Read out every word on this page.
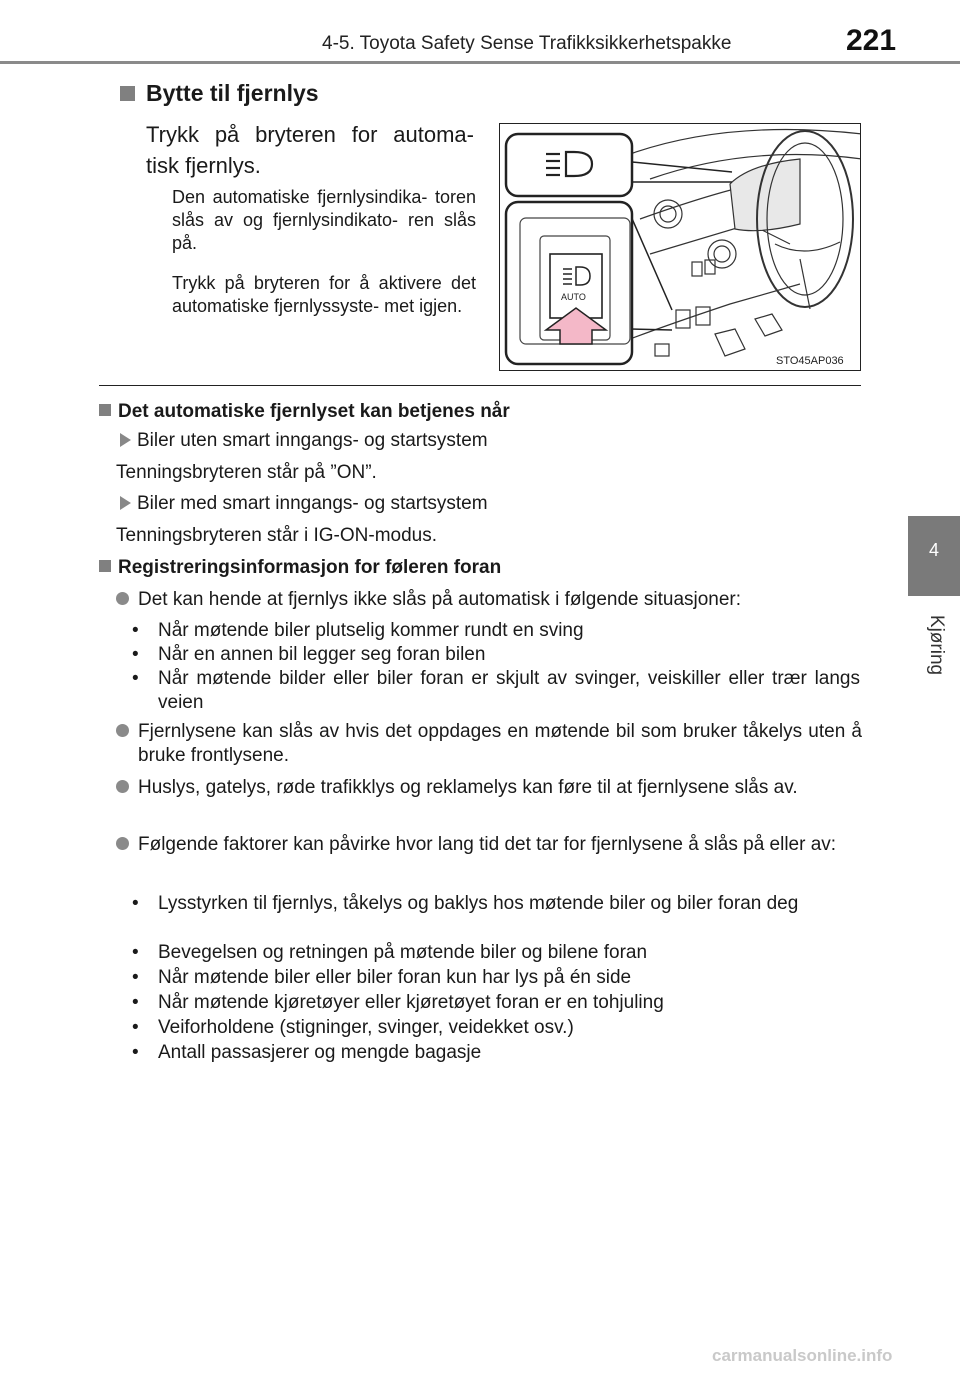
4-5. Toyota Safety Sense Trafikksikkerhetspakke	221
4
Kjøring
Bytte til fjernlys
Trykk på bryteren for automa- tisk fjernlys.
Den automatiske fjernlysindika- toren slås av og fjernlysindikato- ren slås på.
Trykk på bryteren for å aktivere det automatiske fjernlyssyste- met igjen.	AUTO
STO45AP036
Det automatiske fjernlyset kan betjenes når
Biler uten smart inngangs- og startsystem
Tenningsbryteren står på ”ON”.
Biler med smart inngangs- og startsystem
Tenningsbryteren står i IG-ON-modus.
Registreringsinformasjon for føleren foran
Det kan hende at fjernlys ikke slås på automatisk i følgende situasjoner:
•	Når møtende biler plutselig kommer rundt en sving
•	Når en annen bil legger seg foran bilen
•	Når møtende bilder eller biler foran er skjult av svinger, veiskiller eller trær langs veien
Fjernlysene kan slås av hvis det oppdages en møtende bil som bruker tåkelys uten å bruke frontlysene.
Huslys, gatelys, røde trafikklys og reklamelys kan føre til at fjernlysene slås av.
Følgende faktorer kan påvirke hvor lang tid det tar for fjernlysene å slås på eller av:
•	Lysstyrken til fjernlys, tåkelys og baklys hos møtende biler og biler foran deg
•	Bevegelsen og retningen på møtende biler og bilene foran
•	Når møtende biler eller biler foran kun har lys på én side
•	Når møtende kjøretøyer eller kjøretøyet foran er en tohjuling
•	Veiforholdene (stigninger, svinger, veidekket osv.)
•	Antall passasjerer og mengde bagasje
carmanualsonline.info
